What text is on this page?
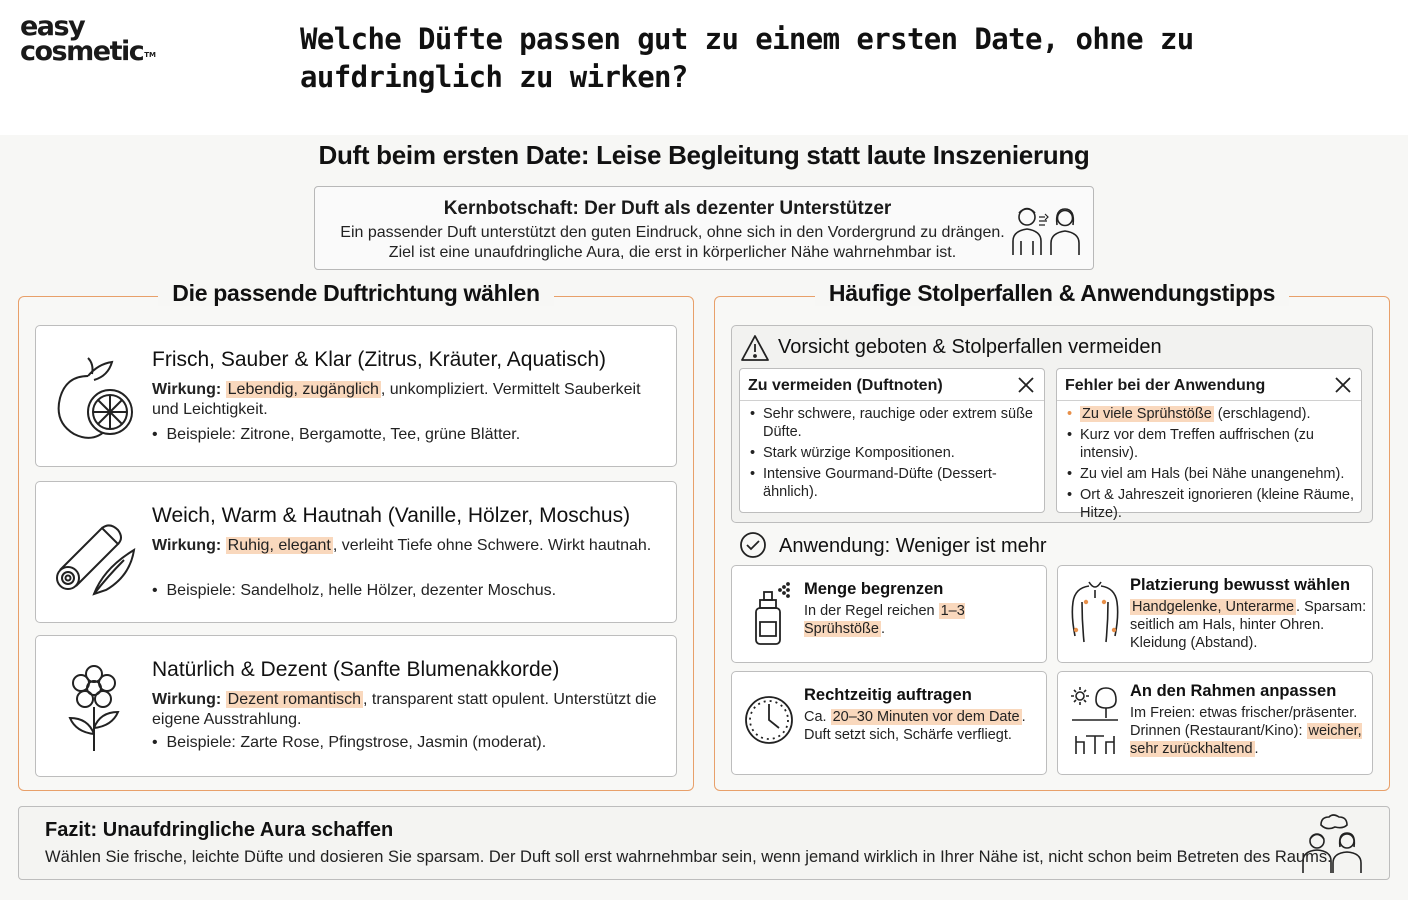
easy
cosmetic™	Welche Düfte passen gut zu einem ersten Date, ohne zu aufdringlich zu wirken?
Duft beim ersten Date: Leise Begleitung statt laute Inszenierung
Kernbotschaft: Der Duft als dezenter Unterstützer
Ein passender Duft unterstützt den guten Eindruck, ohne sich in den Vordergrund zu drängen.
Ziel ist eine unaufdringliche Aura, die erst in körperlicher Nähe wahrnehmbar ist.
Die passende Duftrichtung wählen
Frisch, Sauber & Klar (Zitrus, Kräuter, Aquatisch)
Wirkung: Lebendig, zugänglich , unkompliziert. Vermittelt Sauberkeit und Leichtigkeit.
•  Beispiele: Zitrone, Bergamotte, Tee, grüne Blätter.
Weich, Warm & Hautnah (Vanille, Hölzer, Moschus)
Wirkung: Ruhig, elegant , verleiht Tiefe ohne Schwere. Wirkt hautnah.
•  Beispiele: Sandelholz, helle Hölzer, dezenter Moschus.
Natürlich & Dezent (Sanfte Blumenakkorde)
Wirkung: Dezent romantisch , transparent statt opulent. Unterstützt die eigene Ausstrahlung.
•  Beispiele: Zarte Rose, Pfingstrose, Jasmin (moderat).
Häufige Stolperfallen & Anwendungstipps
Vorsicht geboten & Stolperfallen vermeiden
Zu vermeiden (Duftnoten)
• Sehr schwere, rauchige oder extrem süße Düfte.
• Stark würzige Kompositionen.
• Intensive Gourmand-Düfte (Dessert-ähnlich).
Fehler bei der Anwendung
• Zu viele Sprühstöße (erschlagend).
• Kurz vor dem Treffen auffrischen (zu intensiv).
• Zu viel am Hals (bei Nähe unangenehm).
• Ort & Jahreszeit ignorieren (kleine Räume, Hitze).
Anwendung: Weniger ist mehr
Menge begrenzen
In der Regel reichen 1–3 Sprühstöße .
Platzierung bewusst wählen
Handgelenke, Unterarme . Sparsam: seitlich am Hals, hinter Ohren. Kleidung (Abstand).
Rechtzeitig auftragen
Ca. 20–30 Minuten vor dem Date . Duft setzt sich, Schärfe verfliegt.
An den Rahmen anpassen
Im Freien: etwas frischer/präsenter. Drinnen (Restaurant/Kino): weicher, sehr zurückhaltend .
Fazit: Unaufdringliche Aura schaffen
Wählen Sie frische, leichte Düfte und dosieren Sie sparsam. Der Duft soll erst wahrnehmbar sein, wenn jemand wirklich in Ihrer Nähe ist, nicht schon beim Betreten des Raums.
